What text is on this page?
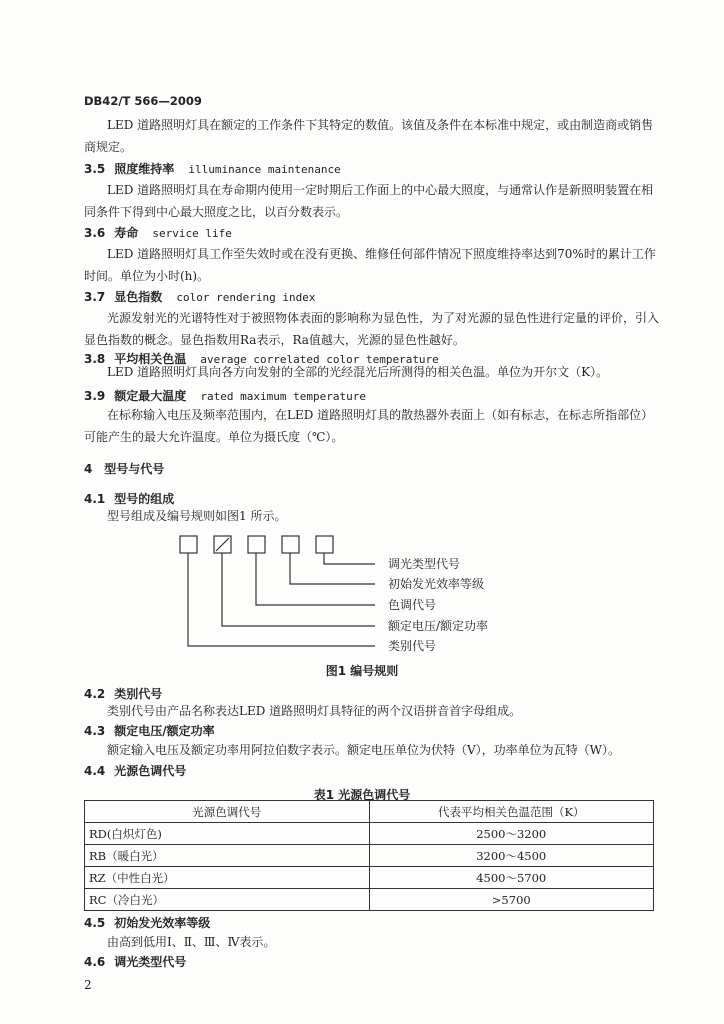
DB42/T 566—2009
LED 道路照明灯具在额定的工作条件下其特定的数值。该值及条件在本标准中规定，或由制造商或销售商规定。
3.5 照度维持率 illuminance maintenance
LED 道路照明灯具在寿命期内使用一定时期后工作面上的中心最大照度，与通常认作是新照明装置在相同条件下得到中心最大照度之比，以百分数表示。
3.6 寿命 service life
LED 道路照明灯具工作至失效时或在没有更换、维修任何部件情况下照度维持率达到70%时的累计工作时间。单位为小时(h)。
3.7 显色指数 color rendering index
光源发射光的光谱特性对于被照物体表面的影响称为显色性，为了对光源的显色性进行定量的评价，引入显色指数的概念。显色指数用Ra表示，Ra值越大，光源的显色性越好。
3.8 平均相关色温 average correlated color temperature
LED 道路照明灯具向各方向发射的全部的光经混光后所测得的相关色温。单位为开尔文（K）。
3.9 额定最大温度 rated maximum temperature
在标称输入电压及频率范围内，在LED 道路照明灯具的散热器外表面上（如有标志，在标志所指部位）可能产生的最大允许温度。单位为摄氏度（℃）。
4 型号与代号
4.1 型号的组成
型号组成及编号规则如图1 所示。
调光类型代号
初始发光效率等级
色调代号
额定电压/额定功率
类别代号
图1 编号规则
4.2 类别代号
类别代号由产品名称表达LED 道路照明灯具特征的两个汉语拼音首字母组成。
4.3 额定电压/额定功率
额定输入电压及额定功率用阿拉伯数字表示。额定电压单位为伏特（V），功率单位为瓦特（W）。
4.4 光源色调代号
表1 光源色调代号
光源色调代号	代表平均相关色温范围（K）
RD(白炽灯色)	2500～3200
RB（暖白光）	3200～4500
RZ（中性白光）	4500～5700
RC（冷白光）	>5700
4.5 初始发光效率等级
由高到低用Ⅰ、Ⅱ、Ⅲ、Ⅳ表示。
4.6 调光类型代号
2
